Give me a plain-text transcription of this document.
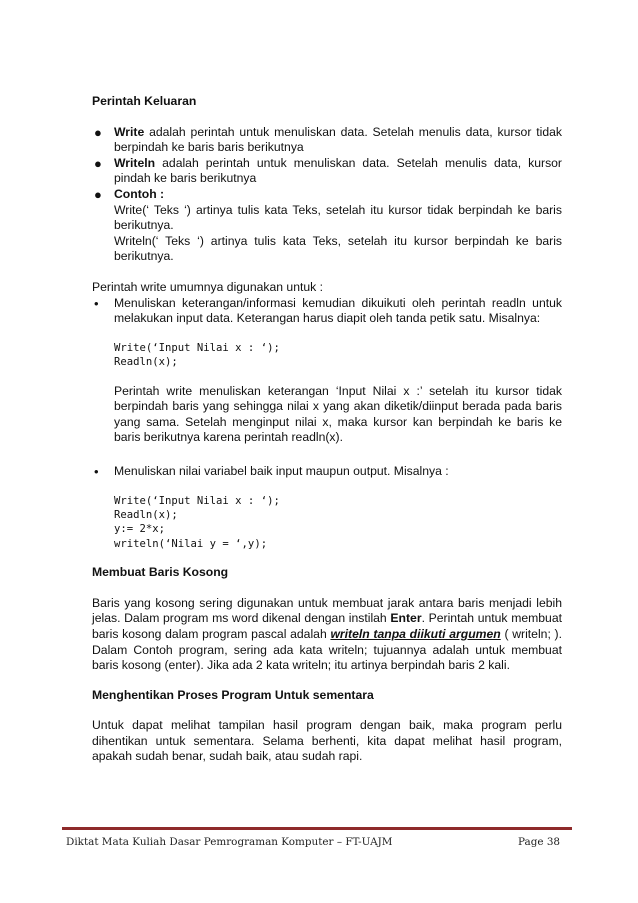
Perintah Keluaran

● Write adalah perintah untuk menuliskan data. Setelah menulis data, kursor tidak berpindah ke baris baris berikutnya
● Writeln adalah perintah untuk menuliskan data. Setelah menulis data, kursor pindah ke baris berikutnya
● Contoh :
Write(‘ Teks ‘) artinya tulis kata Teks, setelah itu kursor tidak berpindah ke baris berikutnya.
Writeln(‘ Teks ‘) artinya tulis kata Teks, setelah itu kursor berpindah ke baris berikutnya.

Perintah write umumnya digunakan untuk :

• Menuliskan keterangan/informasi kemudian dikuikuti oleh perintah readln untuk melakukan input data. Keterangan harus diapit oleh tanda petik satu. Misalnya:
Write(‘Input Nilai x : ‘);
Readln(x);

Perintah write menuliskan keterangan ‘Input Nilai x :’ setelah itu kursor tidak berpindah baris yang sehingga nilai x yang akan diketik/diinput berada pada baris yang sama. Setelah menginput nilai x, maka kursor kan berpindah ke baris ke baris berikutnya karena perintah readln(x).

• Menuliskan nilai variabel baik input maupun output. Misalnya :
Write(‘Input Nilai x : ‘);
Readln(x);
y:= 2*x;
writeln(‘Nilai y = ‘,y);

Membuat Baris Kosong

Baris yang kosong sering digunakan untuk membuat jarak antara baris menjadi lebih jelas. Dalam program ms word dikenal dengan instilah Enter. Perintah untuk membuat baris kosong dalam program pascal adalah writeln tanpa diikuti argumen ( writeln; ). Dalam Contoh program, sering ada kata writeln; tujuannya adalah untuk membuat baris kosong (enter). Jika ada 2 kata writeln; itu artinya berpindah baris 2 kali.

Menghentikan Proses Program Untuk sementara

Untuk dapat melihat tampilan hasil program dengan baik, maka program perlu dihentikan untuk sementara. Selama berhenti, kita dapat melihat hasil program, apakah sudah benar, sudah baik, atau sudah rapi.

Diktat Mata Kuliah Dasar Pemrograman Komputer – FT-UAJM	Page 38
